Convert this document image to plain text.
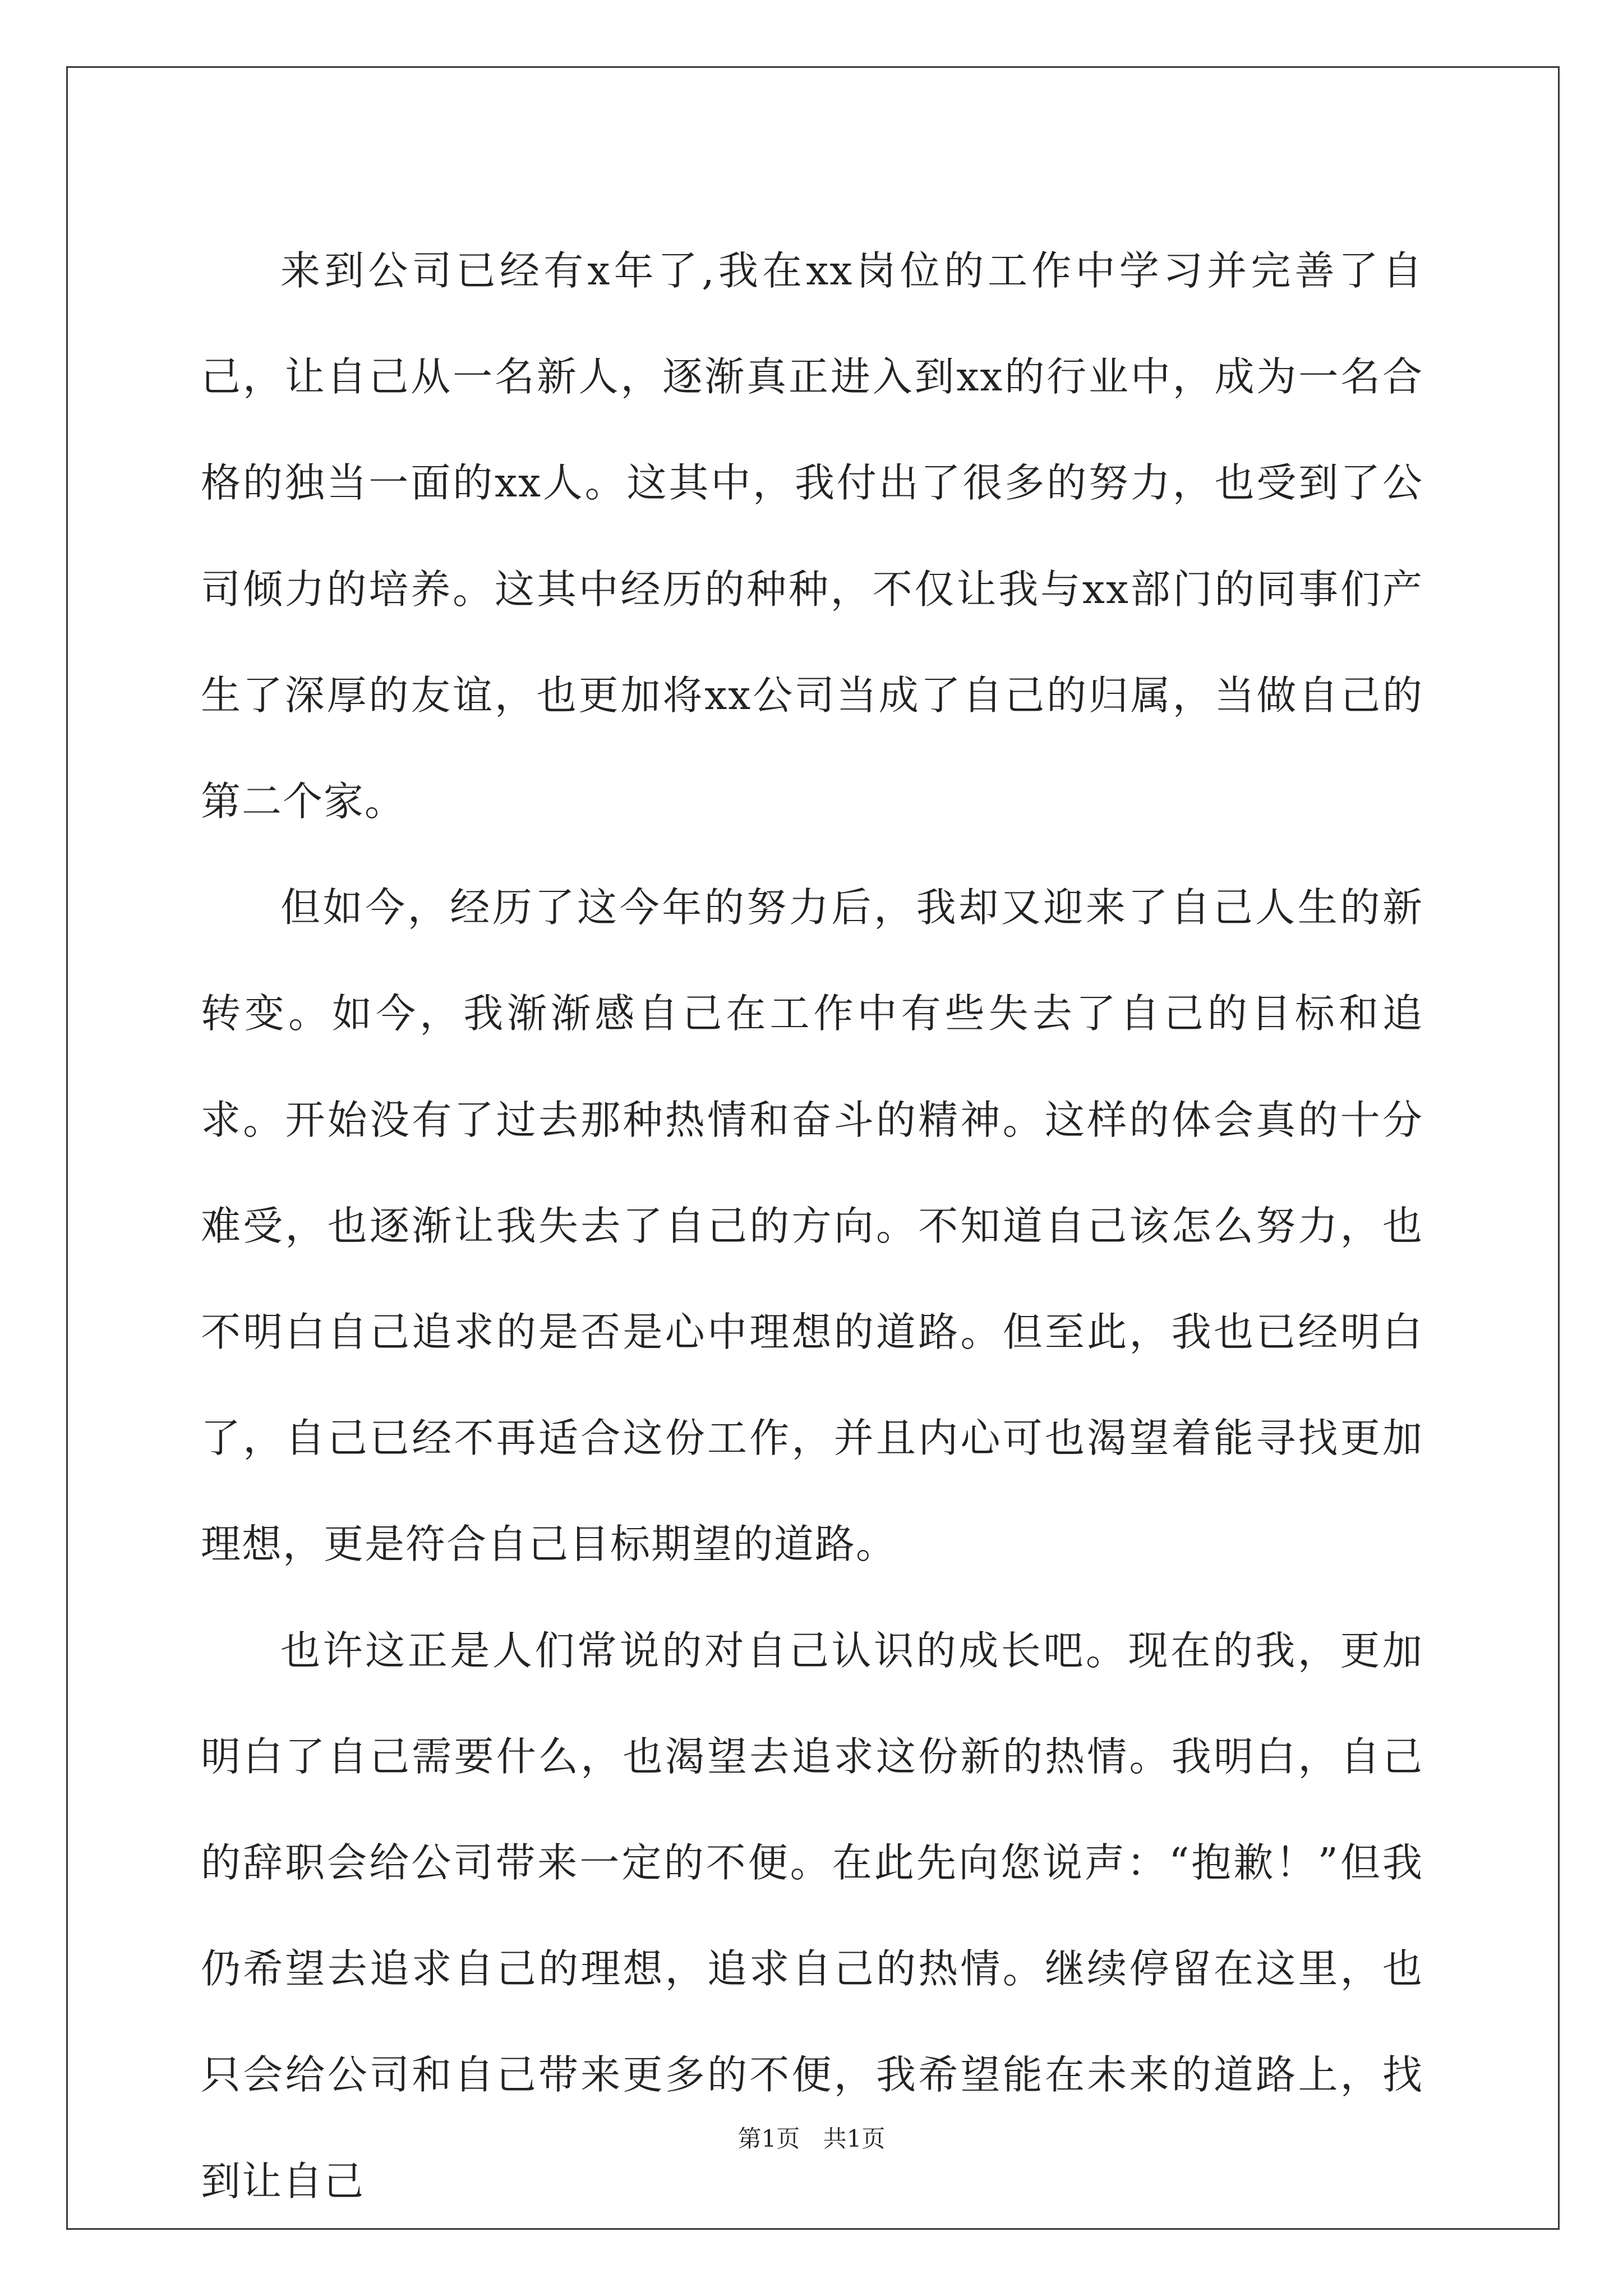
来到公司已经有x年了,我在xx岗位的工作中学习并完善了自己，让自己从一名新人，逐渐真正进入到xx的行业中，成为一名合格的独当一面的xx人。这其中，我付出了很多的努力，也受到了公司倾力的培养。这其中经历的种种，不仅让我与xx部门的同事们产生了深厚的友谊，也更加将xx公司当成了自己的归属，当做自己的第二个家。

但如今，经历了这今年的努力后，我却又迎来了自己人生的新转变。如今，我渐渐感自己在工作中有些失去了自己的目标和追求。开始没有了过去那种热情和奋斗的精神。这样的体会真的十分难受，也逐渐让我失去了自己的方向。不知道自己该怎么努力，也不明白自己追求的是否是心中理想的道路。但至此，我也已经明白了，自己已经不再适合这份工作，并且内心可也渴望着能寻找更加理想，更是符合自己目标期望的道路。

也许这正是人们常说的对自己认识的成长吧。现在的我，更加明白了自己需要什么，也渴望去追求这份新的热情。我明白，自己的辞职会给公司带来一定的不便。在此先向您说声：“抱歉！”但我仍希望去追求自己的理想，追求自己的热情。继续停留在这里，也只会给公司和自己带来更多的不便，我希望能在未来的道路上，找到让自己

第1页 共1页
